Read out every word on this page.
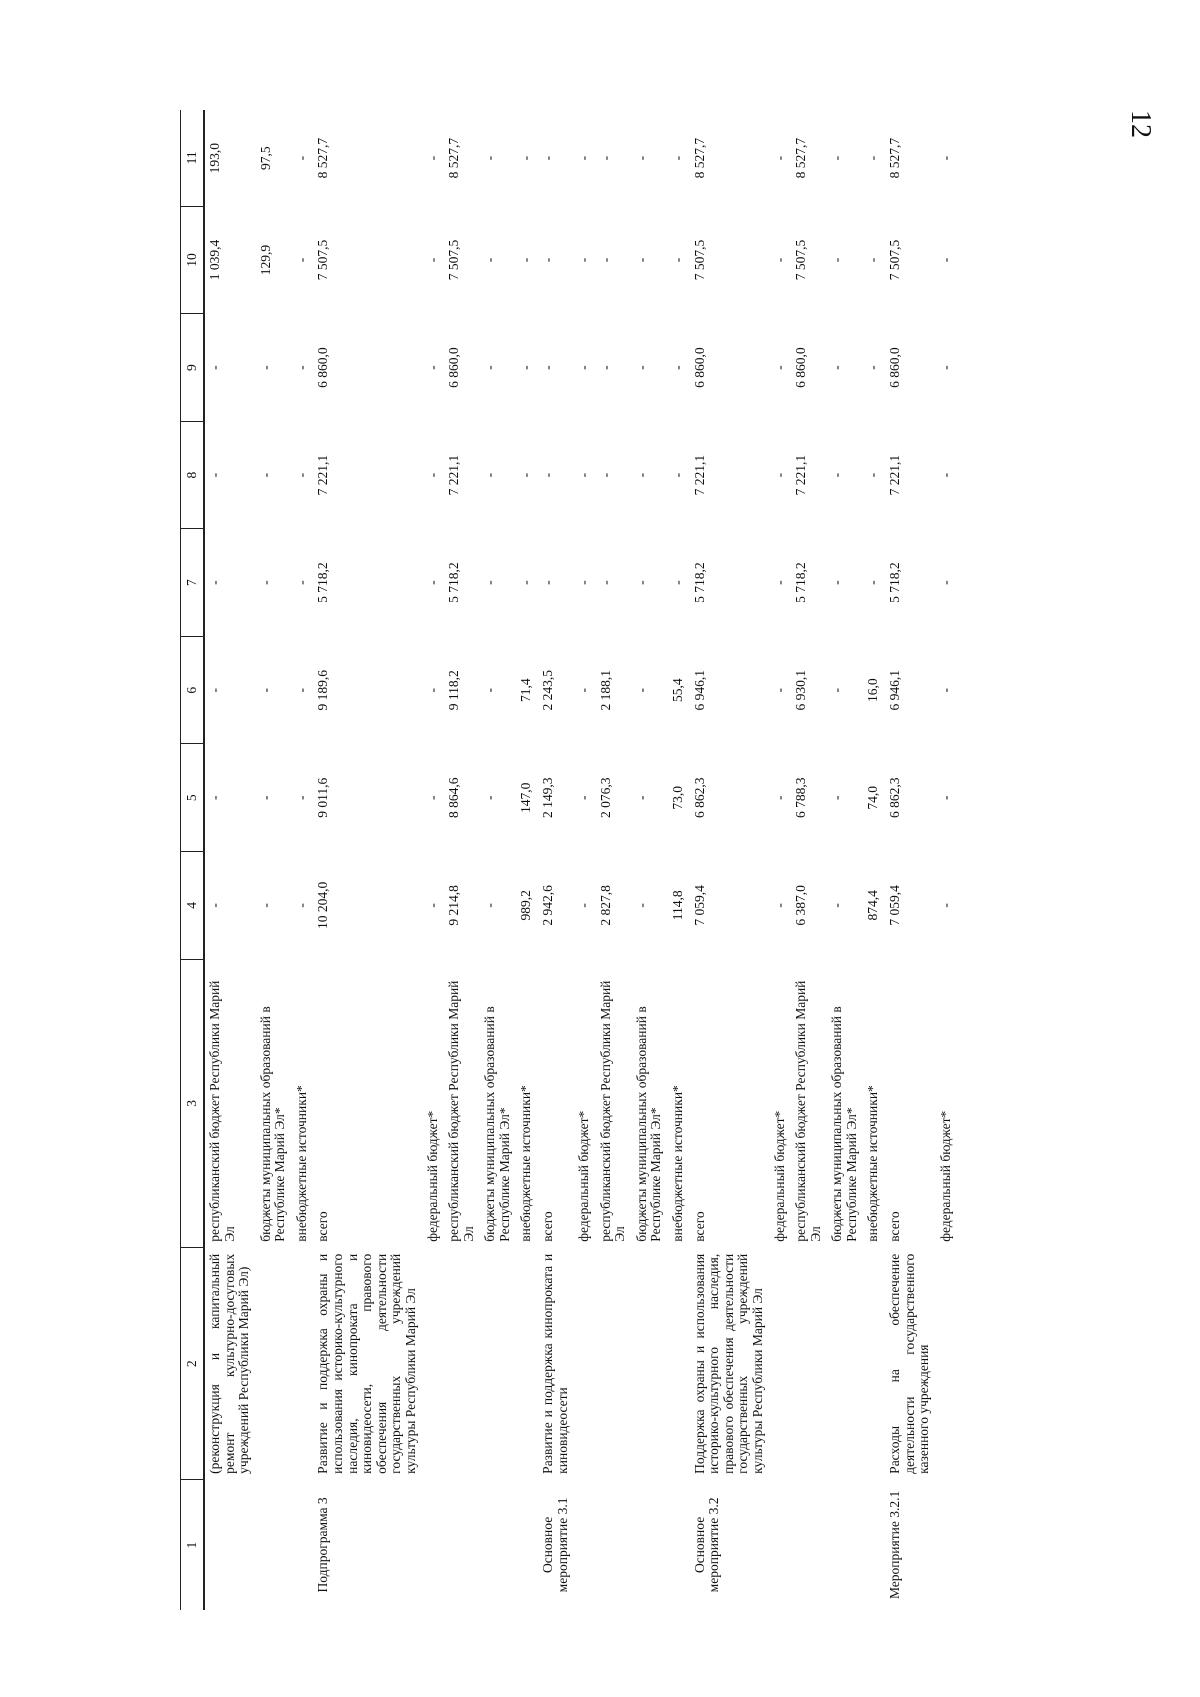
12
1	2	3	4	5	6	7	8	9	10	11
	(реконструкция и капитальный ремонт культурно-досуговых учреждений Республики Марий Эл)	республиканский бюджет Республики Марий Эл	-	-	-	-	-	-	1 039,4	193,0
		бюджеты муниципальных образований в Республике Марий Эл*	-	-	-	-	-	-	129,9	97,5
		внебюджетные источники*	-	-	-	-	-	-	-	-
Подпрограмма 3	Развитие и поддержка охраны и использования историко-культурного наследия, кинопроката и киновидеосети, правового обеспечения деятельности государственных учреждений культуры Республики Марий Эл	всего	10 204,0	9 011,6	9 189,6	5 718,2	7 221,1	6 860,0	7 507,5	8 527,7
		федеральный бюджет*	-	-	-	-	-	-	-	-
		республиканский бюджет Республики Марий Эл	9 214,8	8 864,6	9 118,2	5 718,2	7 221,1	6 860,0	7 507,5	8 527,7
		бюджеты муниципальных образований в Республике Марий Эл*	-	-	-	-	-	-	-	-
		внебюджетные источники*	989,2	147,0	71,4	-	-	-	-	-
Основное мероприятие 3.1	Развитие и поддержка кинопроката и киновидеосети	всего	2 942,6	2 149,3	2 243,5	-	-	-	-	-
		федеральный бюджет*	-	-	-	-	-	-	-	-
		республиканский бюджет Республики Марий Эл	2 827,8	2 076,3	2 188,1	-	-	-	-	-
		бюджеты муниципальных образований в Республике Марий Эл*	-	-	-	-	-	-	-	-
		внебюджетные источники*	114,8	73,0	55,4	-	-	-	-	-
Основное мероприятие 3.2	Поддержка охраны и использования историко-культурного наследия, правового обеспечения деятельности государственных учреждений культуры Республики Марий Эл	всего	7 059,4	6 862,3	6 946,1	5 718,2	7 221,1	6 860,0	7 507,5	8 527,7
		федеральный бюджет*	-	-	-	-	-	-	-	-
		республиканский бюджет Республики Марий Эл	6 387,0	6 788,3	6 930,1	5 718,2	7 221,1	6 860,0	7 507,5	8 527,7
		бюджеты муниципальных образований в Республике Марий Эл*	-	-	-	-	-	-	-	-
		внебюджетные источники*	874,4	74,0	16,0	-	-	-	-	-
Мероприятие 3.2.1	Расходы на обеспечение деятельности государственного казенного учреждения	всего	7 059,4	6 862,3	6 946,1	5 718,2	7 221,1	6 860,0	7 507,5	8 527,7
		федеральный бюджет*	-	-	-	-	-	-	-	-
